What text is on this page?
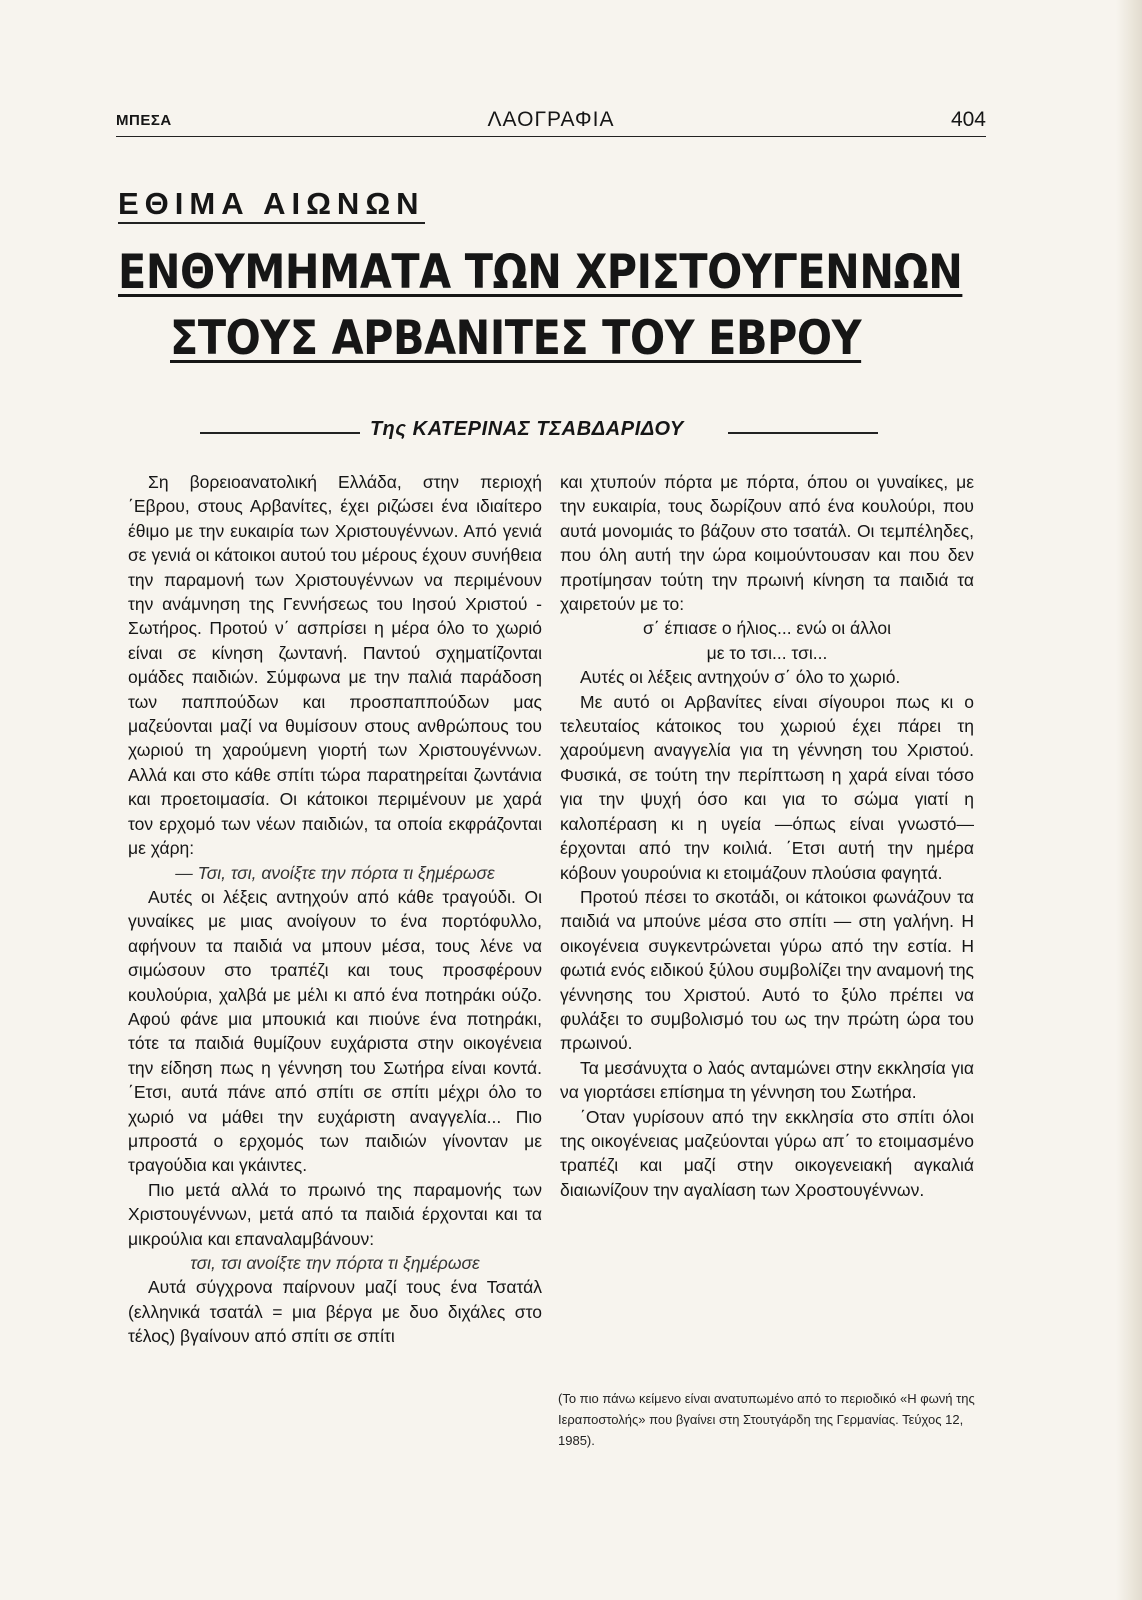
ΜΠΕΣΑ	ΛΑΟΓΡΑΦΙΑ	404
ΕΘΙΜΑ ΑΙΩΝΩΝ
ΕΝΘΥΜΗΜΑΤΑ ΤΩΝ ΧΡΙΣΤΟΥΓΕΝΝΩΝ
ΣΤΟΥΣ ΑΡΒΑΝΙΤΕΣ ΤΟΥ ΕΒΡΟΥ
Της ΚΑΤΕΡΙΝΑΣ ΤΣΑΒΔΑΡΙΔΟΥ

Ση βορειοανατολική Ελλάδα, στην περιοχή ΄Εβρου, στους Αρβανίτες, έχει ριζώσει ένα ιδιαίτερο έθιμο με την ευκαιρία των Χριστουγέννων. Από γενιά σε γενιά οι κάτοικοι αυτού του μέρους έχουν συνήθεια την παραμονή των Χριστουγέννων να περιμένουν την ανάμνηση της Γεννήσεως του Ιησού Χριστού - Σωτήρος. Προτού ν΄ ασπρίσει η μέρα όλο το χωριό είναι σε κίνηση ζωντανή. Παντού σχηματίζονται ομάδες παιδιών. Σύμφωνα με την παλιά παράδοση των παππούδων και προσπαππούδων μας μαζεύονται μαζί να θυμίσουν στους ανθρώπους του χωριού τη χαρούμενη γιορτή των Χριστουγέννων. Αλλά και στο κάθε σπίτι τώρα παρατηρείται ζωντάνια και προετοιμασία. Οι κάτοικοι περιμένουν με χαρά τον ερχομό των νέων παιδιών, τα οποία εκφράζονται με χάρη:

— Τσι, τσι, ανοίξτε την πόρτα τι ξημέρωσε

Αυτές οι λέξεις αντηχούν από κάθε τραγούδι. Οι γυναίκες με μιας ανοίγουν το ένα πορτόφυλλο, αφήνουν τα παιδιά να μπουν μέσα, τους λένε να σιμώσουν στο τραπέζι και τους προσφέρουν κουλούρια, χαλβά με μέλι κι από ένα ποτηράκι ούζο. Αφού φάνε μια μπουκιά και πιούνε ένα ποτηράκι, τότε τα παιδιά θυμίζουν ευχάριστα στην οικογένεια την είδηση πως η γέννηση του Σωτήρα είναι κοντά. ΄Ετσι, αυτά πάνε από σπίτι σε σπίτι μέχρι όλο το χωριό να μάθει την ευχάριστη αναγγελία... Πιο μπροστά ο ερχομός των παιδιών γίνονταν με τραγούδια και γκάιντες.

Πιο μετά αλλά το πρωινό της παραμονής των Χριστουγέννων, μετά από τα παιδιά έρχονται και τα μικρούλια και επαναλαμβάνουν:

τσι, τσι ανοίξτε την πόρτα τι ξημέρωσε

Αυτά σύγχρονα παίρνουν μαζί τους ένα Τσατάλ (ελληνικά τσατάλ = μια βέργα με δυο διχάλες στο τέλος) βγαίνουν από σπίτι σε σπίτι

και χτυπούν πόρτα με πόρτα, όπου οι γυναίκες, με την ευκαιρία, τους δωρίζουν από ένα κουλούρι, που αυτά μονομιάς το βάζουν στο τσατάλ. Οι τεμπέληδες, που όλη αυτή την ώρα κοιμούντουσαν και που δεν προτίμησαν τούτη την πρωινή κίνηση τα παιδιά τα χαιρετούν με το:

σ΄ έπιασε ο ήλιος... ενώ οι άλλοι

με το τσι... τσι...

Αυτές οι λέξεις αντηχούν σ΄ όλο το χωριό.

Με αυτό οι Αρβανίτες είναι σίγουροι πως κι ο τελευταίος κάτοικος του χωριού έχει πάρει τη χαρούμενη αναγγελία για τη γέννηση του Χριστού. Φυσικά, σε τούτη την περίπτωση η χαρά είναι τόσο για την ψυχή όσο και για το σώμα γιατί η καλοπέραση κι η υγεία —όπως είναι γνωστό— έρχονται από την κοιλιά. ΄Ετσι αυτή την ημέρα κόβουν γουρούνια κι ετοιμάζουν πλούσια φαγητά.

Προτού πέσει το σκοτάδι, οι κάτοικοι φωνάζουν τα παιδιά να μπούνε μέσα στο σπίτι — στη γαλήνη. Η οικογένεια συγκεντρώνεται γύρω από την εστία. Η φωτιά ενός ειδικού ξύλου συμβολίζει την αναμονή της γέννησης του Χριστού. Αυτό το ξύλο πρέπει να φυλάξει το συμβολισμό του ως την πρώτη ώρα του πρωινού.

Τα μεσάνυχτα ο λαός ανταμώνει στην εκκλησία για να γιορτάσει επίσημα τη γέννηση του Σωτήρα.

΄Οταν γυρίσουν από την εκκλησία στο σπίτι όλοι της οικογένειας μαζεύονται γύρω απ΄ το ετοιμασμένο τραπέζι και μαζί στην οικογενειακή αγκαλιά διαιωνίζουν την αγαλίαση των Χροστουγέννων.

(Το πιο πάνω κείμενο είναι ανατυπωμένο από το περιοδικό «Η φωνή της Ιεραποστολής» που βγαίνει στη Στουτγάρδη της Γερμανίας. Τεύχος 12, 1985).
